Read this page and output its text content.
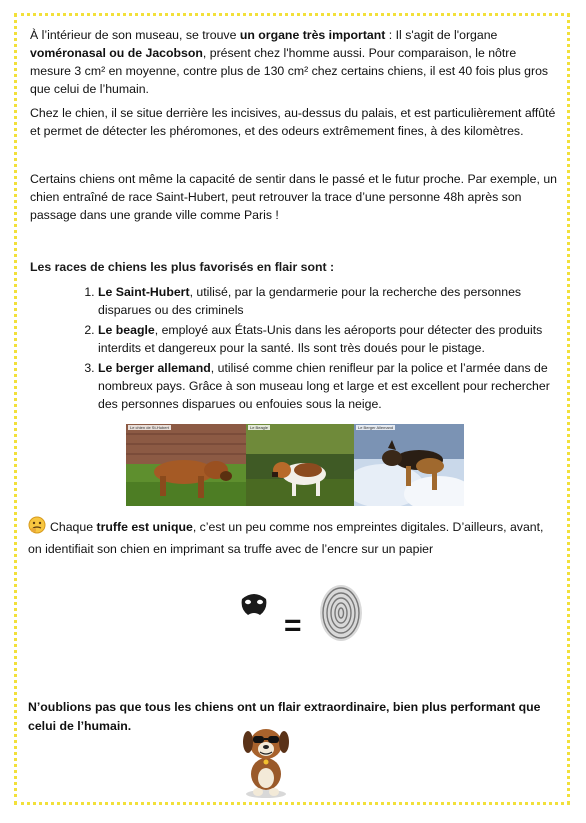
À l’intérieur de son museau, se trouve un organe très important : Il s'agit de l'organe voméronasal ou de Jacobson, présent chez l'homme aussi. Pour comparaison, le nôtre mesure 3 cm² en moyenne, contre plus de 130 cm² chez certains chiens, il est 40 fois plus gros que celui de l’humain.
Chez le chien, il se situe derrière les incisives, au-dessus du palais, et est particulièrement affûté et permet de détecter les phéromones, et des odeurs extrêmement fines, à des kilomètres.
Certains chiens ont même la capacité de sentir dans le passé et le futur proche. Par exemple, un chien entraîné de race Saint-Hubert, peut retrouver la trace d’une personne 48h après son passage dans une grande ville comme Paris !
Les races de chiens les plus favorisés en flair sont :
1. Le Saint-Hubert, utilisé, par la gendarmerie pour la recherche des personnes disparues ou des criminels
2. Le beagle, employé aux États-Unis dans les aéroports pour détecter des produits interdits et dangereux pour la santé. Ils sont très doués pour le pistage.
3. Le berger allemand, utilisé comme chien renifleur par la police et l’armée dans de nombreux pays. Grâce à son museau long et large et est excellent pour rechercher des personnes disparues ou enfouies sous la neige.
Le chien de St-Hubert	Le Beagle	Le Berger Allemand
Chaque truffe est unique, c’est un peu comme nos empreintes digitales. D’ailleurs, avant, on identifiait son chien en imprimant sa truffe avec de l’encre sur un papier
=
N’oublions pas que tous les chiens ont un flair extraordinaire, bien plus performant que celui de l’humain.
